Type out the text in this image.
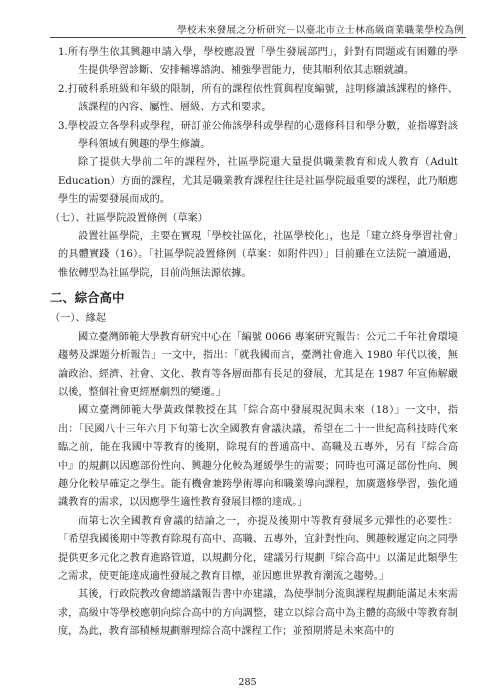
學校未來發展之分析研究－以臺北市立士林高級商業職業學校為例

1.所有學生依其興趣申請入學，學校應設置「學生發展部門」，針對有問題或有困難的學生提供學習診斷、安排輔導諮詢、補強學習能力，使其順利依其志願就讀。

2.打破科系班級和年級的限制，所有的課程依性質與程度編號，註明修讀該課程的條件、該課程的內容、屬性、層級、方式和要求。

3.學校設立各學科或學程，研訂並公佈該學科或學程的心選修科目和學分數，並指導對該學科領域有興趣的學生修讀。

除了提供大學前二年的課程外，社區學院還大量提供職業教育和成人教育（Adult Education）方面的課程，尤其是職業教育課程往往是社區學院最重要的課程，此乃順應學生的需要發展而成的。

（七）、社區學院設置條例（草案）

設置社區學院，主要在實現「學校社區化，社區學校化」，也是「建立終身學習社會」的具體實踐（16）。「社區學院設置條例（草案：如附件四）」目前雖在立法院一讀通過，惟依轉型為社區學院，目前尚無法源依據。

二、綜合高中

（一）、緣起

國立臺灣師範大學教育研究中心在「編號 0066 專案研究報告：公元二千年社會環境趨勢及課題分析報告」一文中，指出：「就我國而言，臺灣社會進入 1980 年代以後，無論政治、經濟、社會、文化、教育等各層面都有長足的發展，尤其是在 1987 年宣佈解嚴以後，整個社會更經歷劇烈的變遷。」

國立臺灣師範大學黃政傑教授在其「綜合高中發展現況與未來（18）」一文中，指出：「民國八十三年六月下旬第七次全國教育會議決議，希望在二十一世紀高科技時代來臨之前，能在我國中等教育的後期，除現有的普通高中、高職及五專外，另有『綜合高中』的規劃以因應部份性向、興趣分化較為遲緩學生的需要；同時也可滿足部份性向、興趣分化較早確定之學生。能有機會兼跨學術導向和職業導向課程，加廣選修學習，強化通識教育的需求，以因應學生適性教育發展目標的達成。」

而第七次全國教育會議的結論之一，亦提及後期中等教育發展多元彈性的必要性：「希望我國後期中等教育除現有高中、高職、五專外，宜針對性向、興趣較遲定向之同學提供更多元化之教育進路管道，以規劃分化，建議另行規劃『綜合高中』以滿足此類學生之需求，使更能達成適性發展之教育目標，並因應世界教育潮流之趨勢。」

其後，行政院教改會總諮議報告書中亦建議，為使學制分流與課程規劃能滿足未來需求，高級中等學校應朝向綜合高中的方向調整，建立以綜合高中為主體的高級中等教育制度，為此，教育部積極規劃辦理綜合高中課程工作；並預期將是未來高中的

285
